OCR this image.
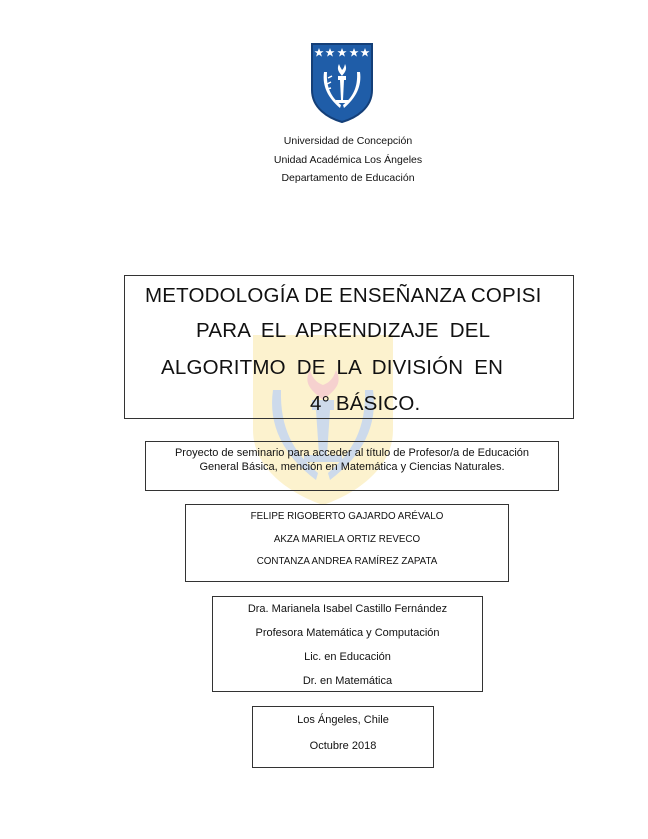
Universidad de Concepción
Unidad Académica Los Ángeles
Departamento de Educación
METODOLOGÍA DE ENSEÑANZA COPISI
PARA EL APRENDIZAJE DEL
ALGORITMO DE LA DIVISIÓN EN
4° BÁSICO.
Proyecto de seminario para acceder al título de Profesor/a de Educación
General Básica, mención en Matemática y Ciencias Naturales.
FELIPE RIGOBERTO GAJARDO ARÉVALO
AKZA MARIELA ORTIZ REVECO
CONTANZA ANDREA RAMÍREZ ZAPATA
Dra. Marianela Isabel Castillo Fernández
Profesora Matemática y Computación
Lic. en Educación
Dr. en Matemática
Los Ángeles, Chile
Octubre 2018
